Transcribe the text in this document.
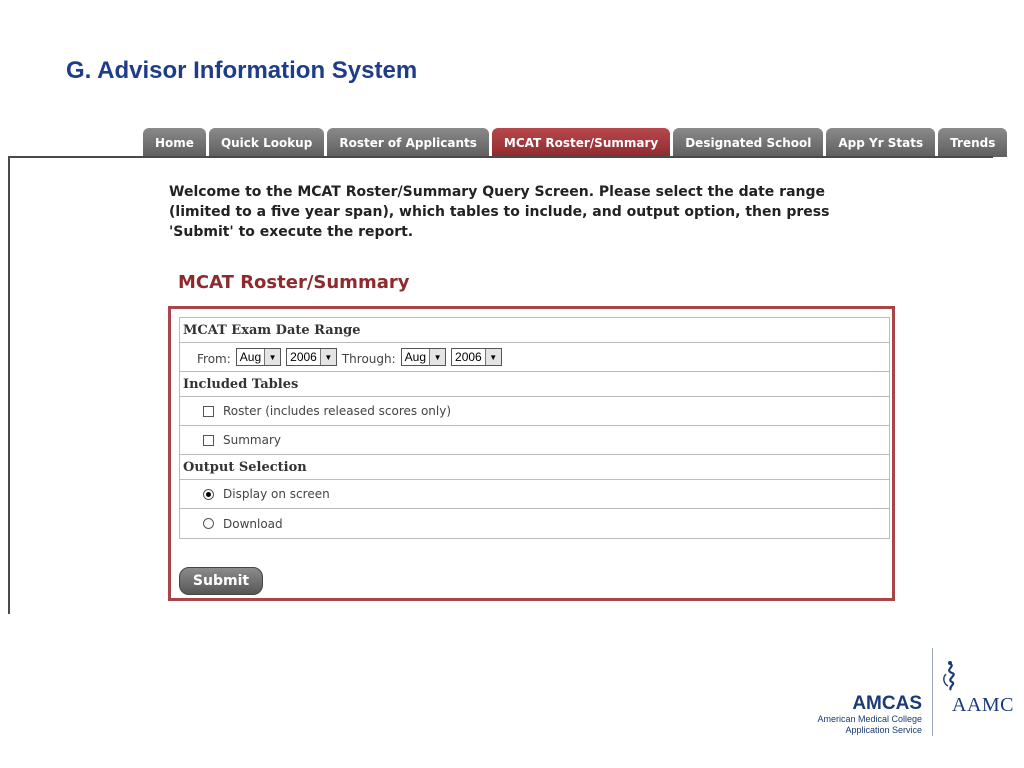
G. Advisor Information System
Home	Quick Lookup	Roster of Applicants	MCAT Roster/Summary	Designated School	App Yr Stats	Trends

Welcome to the MCAT Roster/Summary Query Screen. Please select the date range
(limited to a five year span), which tables to include, and output option, then press
'Submit' to execute the report.

MCAT Roster/Summary
MCAT Exam Date Range
From: Aug ▼ 2006 ▼ Through: Aug ▼ 2006 ▼
Included Tables
Roster (includes released scores only)
Summary
Output Selection
Display on screen
Download
Submit
AMCAS
American Medical College
Application Service
AAMC
